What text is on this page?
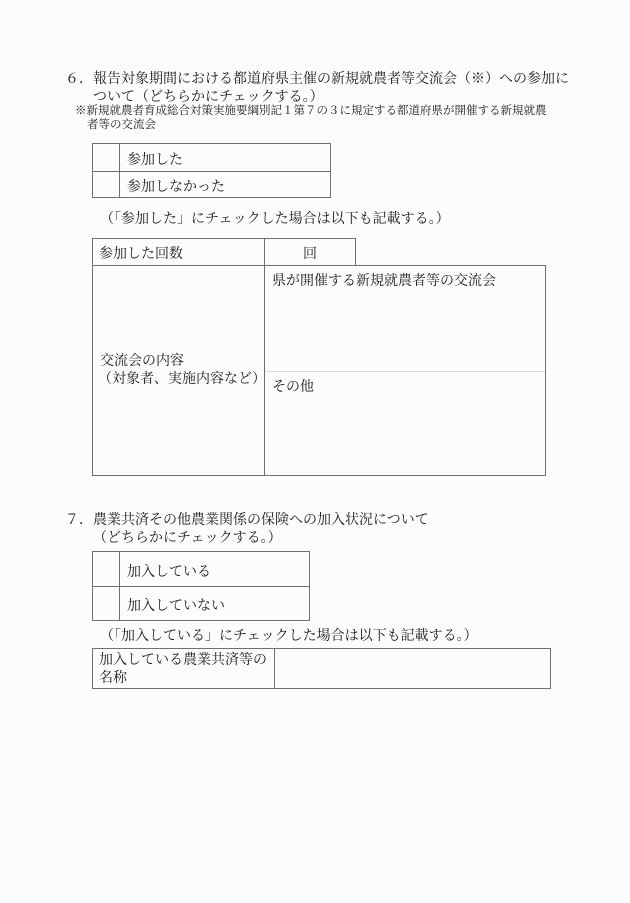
６．報告対象期間における都道府県主催の新規就農者等交流会（※）への参加に
ついて（どちらかにチェックする。）
※新規就農者育成総合対策実施要綱別記１第７の３に規定する都道府県が開催する新規就農
者等の交流会
参加した
参加しなかった
（「参加した」にチェックした場合は以下も記載する。）
参加した回数	回
交流会の内容
（対象者、実施内容など）
県が開催する新規就農者等の交流会
その他
７．農業共済その他農業関係の保険への加入状況について
（どちらかにチェックする。）
加入している
加入していない
（「加入している」にチェックした場合は以下も記載する。）
加入している農業共済等の名称
